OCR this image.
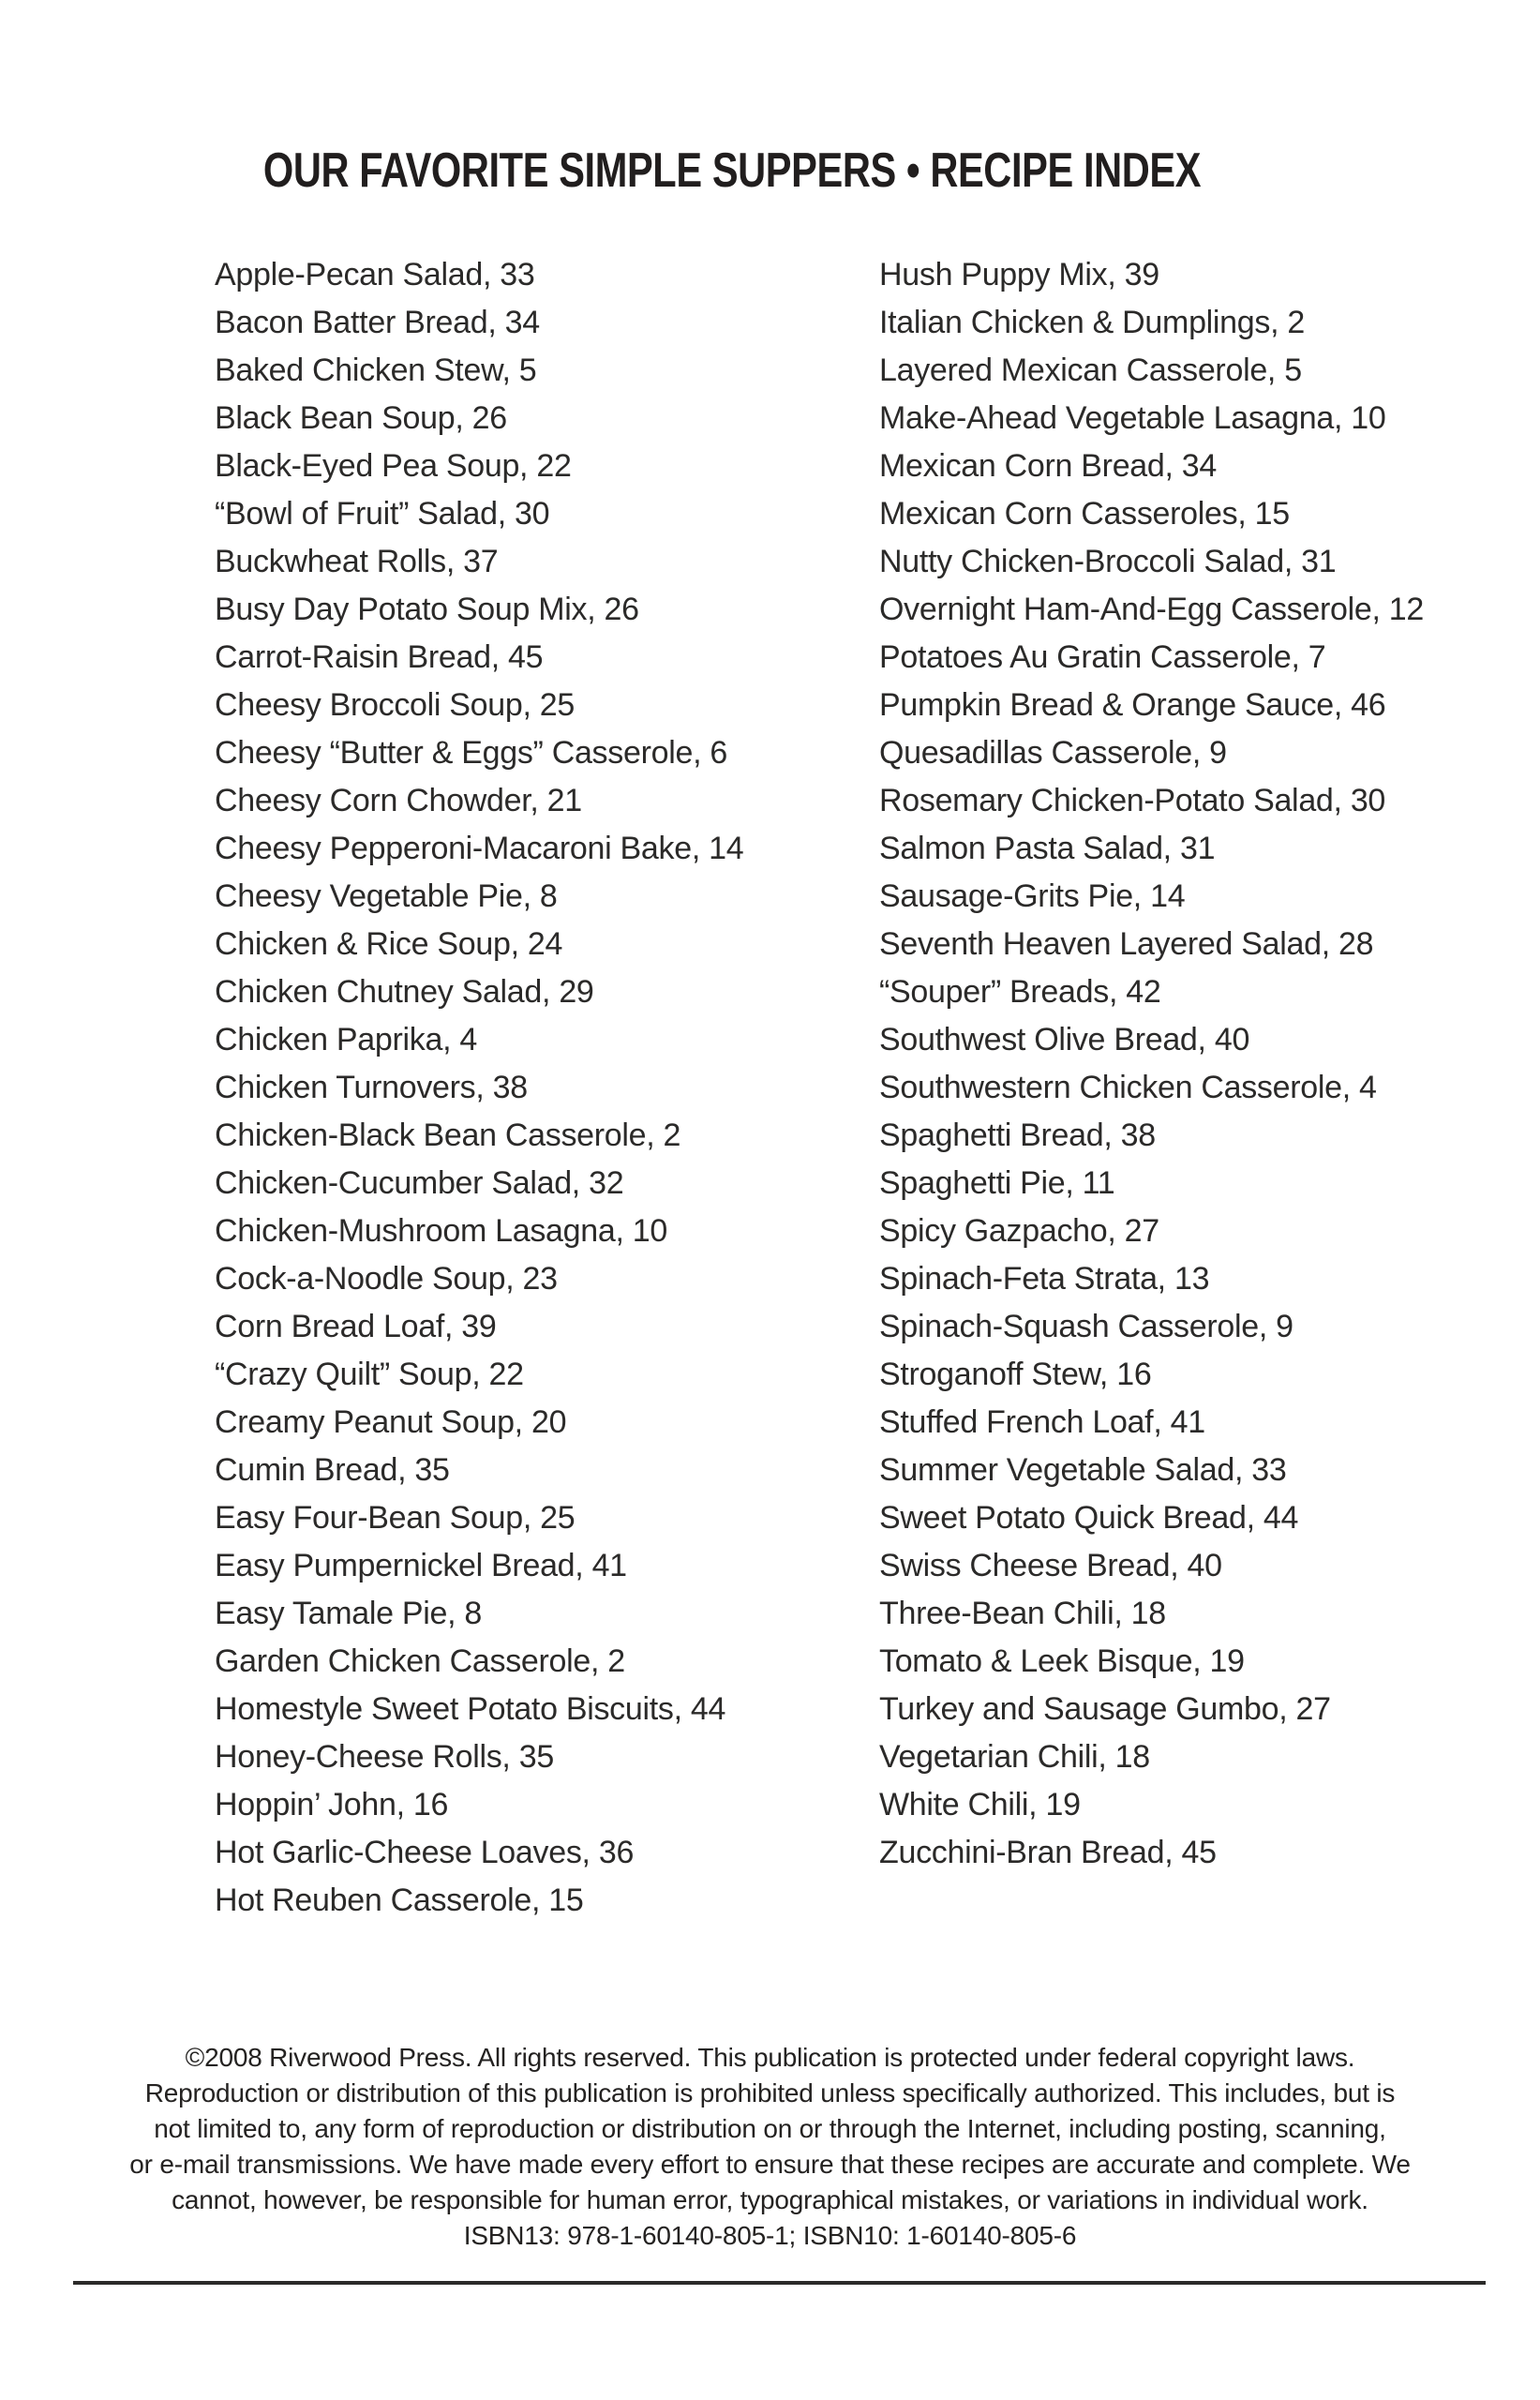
OUR FAVORITE SIMPLE SUPPERS • RECIPE INDEX
Apple-Pecan Salad, 33
Bacon Batter Bread, 34
Baked Chicken Stew, 5
Black Bean Soup, 26
Black-Eyed Pea Soup, 22
“Bowl of Fruit” Salad, 30
Buckwheat Rolls, 37
Busy Day Potato Soup Mix, 26
Carrot-Raisin Bread, 45
Cheesy Broccoli Soup, 25
Cheesy “Butter & Eggs” Casserole, 6
Cheesy Corn Chowder, 21
Cheesy Pepperoni-Macaroni Bake, 14
Cheesy Vegetable Pie, 8
Chicken & Rice Soup, 24
Chicken Chutney Salad, 29
Chicken Paprika, 4
Chicken Turnovers, 38
Chicken-Black Bean Casserole, 2
Chicken-Cucumber Salad, 32
Chicken-Mushroom Lasagna, 10
Cock-a-Noodle Soup, 23
Corn Bread Loaf, 39
“Crazy Quilt” Soup, 22
Creamy Peanut Soup, 20
Cumin Bread, 35
Easy Four-Bean Soup, 25
Easy Pumpernickel Bread, 41
Easy Tamale Pie, 8
Garden Chicken Casserole, 2
Homestyle Sweet Potato Biscuits, 44
Honey-Cheese Rolls, 35
Hoppin’ John, 16
Hot Garlic-Cheese Loaves, 36
Hot Reuben Casserole, 15
Hush Puppy Mix, 39
Italian Chicken & Dumplings, 2
Layered Mexican Casserole, 5
Make-Ahead Vegetable Lasagna, 10
Mexican Corn Bread, 34
Mexican Corn Casseroles, 15
Nutty Chicken-Broccoli Salad, 31
Overnight Ham-And-Egg Casserole, 12
Potatoes Au Gratin Casserole, 7
Pumpkin Bread & Orange Sauce, 46
Quesadillas Casserole, 9
Rosemary Chicken-Potato Salad, 30
Salmon Pasta Salad, 31
Sausage-Grits Pie, 14
Seventh Heaven Layered Salad, 28
“Souper” Breads, 42
Southwest Olive Bread, 40
Southwestern Chicken Casserole, 4
Spaghetti Bread, 38
Spaghetti Pie, 11
Spicy Gazpacho, 27
Spinach-Feta Strata, 13
Spinach-Squash Casserole, 9
Stroganoff Stew, 16
Stuffed French Loaf, 41
Summer Vegetable Salad, 33
Sweet Potato Quick Bread, 44
Swiss Cheese Bread, 40
Three-Bean Chili, 18
Tomato & Leek Bisque, 19
Turkey and Sausage Gumbo, 27
Vegetarian Chili, 18
White Chili, 19
Zucchini-Bran Bread, 45
©2008 Riverwood Press. All rights reserved. This publication is protected under federal copyright laws.
Reproduction or distribution of this publication is prohibited unless specifically authorized. This includes, but is
not limited to, any form of reproduction or distribution on or through the Internet, including posting, scanning,
or e-mail transmissions. We have made every effort to ensure that these recipes are accurate and complete. We
cannot, however, be responsible for human error, typographical mistakes, or variations in individual work.
ISBN13: 978-1-60140-805-1; ISBN10: 1-60140-805-6
